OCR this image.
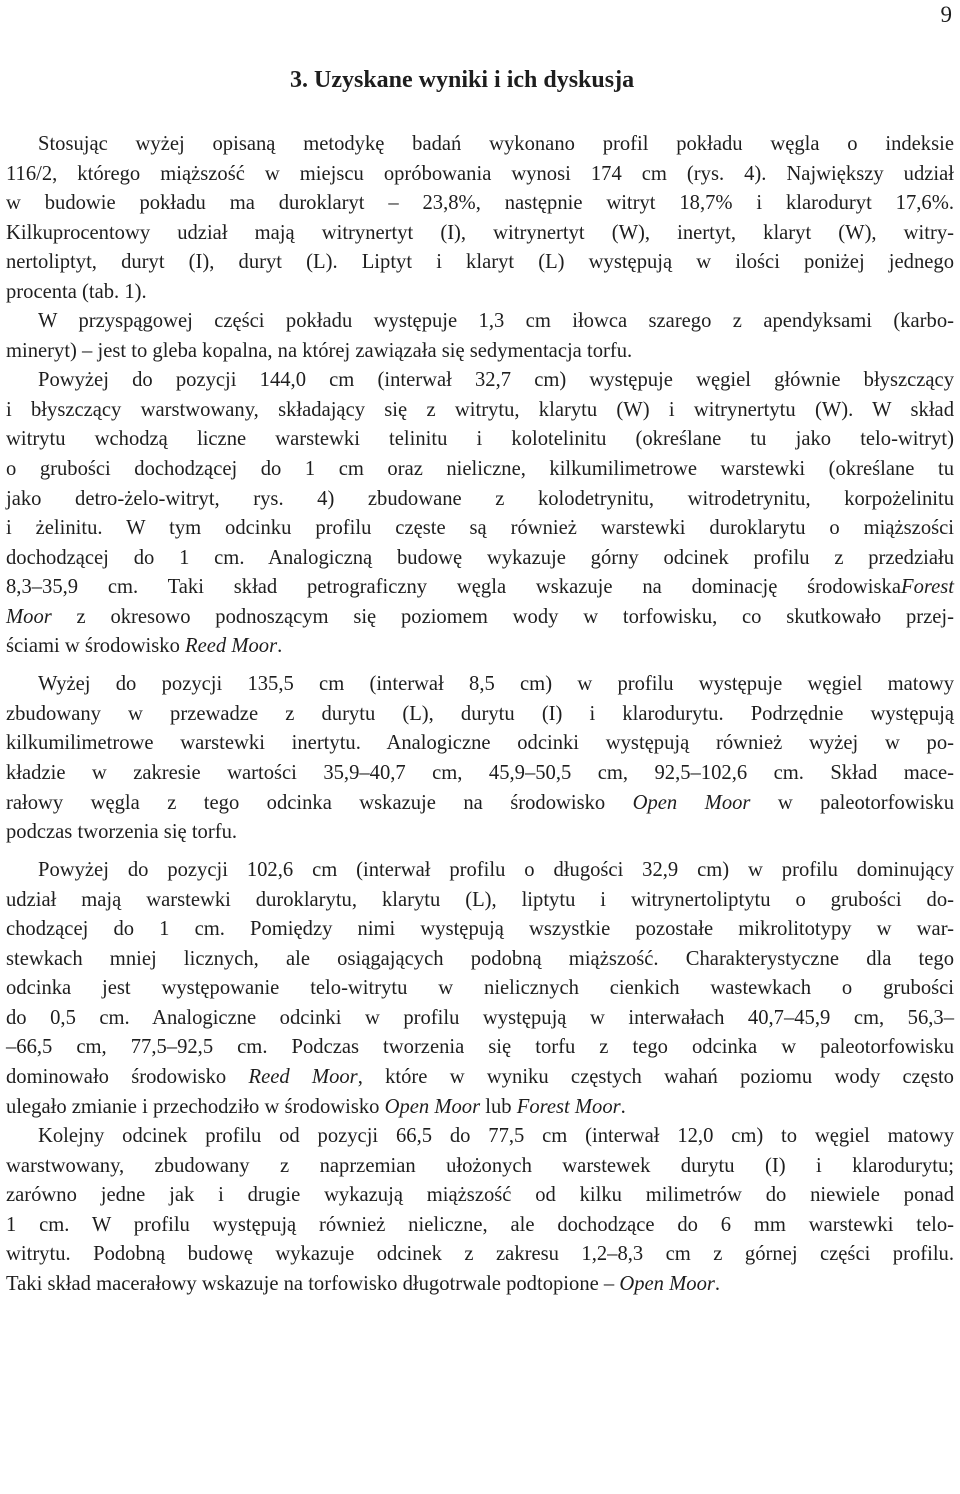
9
3. Uzyskane wyniki i ich dyskusja
Stosując wyżej opisaną metodykę badań wykonano profil pokładu węgla o indeksie
116/2, którego miąższość w miejscu opróbowania wynosi 174 cm (rys. 4). Największy udział
w budowie pokładu ma duroklaryt – 23,8%, następnie witryt 18,7% i klaroduryt 17,6%.
Kilkuprocentowy udział mają witrynertyt (I), witrynertyt (W), inertyt, klaryt (W), witry-
nertoliptyt, duryt (I), duryt (L). Liptyt i klaryt (L) występują w ilości poniżej jednego
procenta (tab. 1).
W przyspągowej części pokładu występuje 1,3 cm iłowca szarego z apendyksami (karbo-
mineryt) – jest to gleba kopalna, na której zawiązała się sedymentacja torfu.
Powyżej do pozycji 144,0 cm (interwał 32,7 cm) występuje węgiel głównie błyszczący
i błyszczący warstwowany, składający się z witrytu, klarytu (W) i witrynertytu (W). W skład
witrytu wchodzą liczne warstewki telinitu i kolotelinitu (określane tu jako telo-witryt)
o grubości dochodzącej do 1 cm oraz nieliczne, kilkumilimetrowe warstewki (określane tu
jako detro-żelo-witryt, rys. 4) zbudowane z kolodetrynitu, witrodetrynitu, korpożelinitu
i żelinitu. W tym odcinku profilu częste są również warstewki duroklarytu o miąższości
dochodzącej do 1 cm. Analogiczną budowę wykazuje górny odcinek profilu z przedziału
8,3–35,9 cm. Taki skład petrograficzny węgla wskazuje na dominację środowiskaForest
Moor z okresowo podnoszącym się poziomem wody w torfowisku, co skutkowało przej-
ściami w środowisko Reed Moor.
Wyżej do pozycji 135,5 cm (interwał 8,5 cm) w profilu występuje węgiel matowy
zbudowany w przewadze z durytu (L), durytu (I) i klarodurytu. Podrzędnie występują
kilkumilimetrowe warstewki inertytu. Analogiczne odcinki występują również wyżej w po-
kładzie w zakresie wartości 35,9–40,7 cm, 45,9–50,5 cm, 92,5–102,6 cm. Skład mace-
rałowy węgla z tego odcinka wskazuje na środowisko Open Moor w paleotorfowisku
podczas tworzenia się torfu.
Powyżej do pozycji 102,6 cm (interwał profilu o długości 32,9 cm) w profilu dominujący
udział mają warstewki duroklarytu, klarytu (L), liptytu i witrynertoliptytu o grubości do-
chodzącej do 1 cm. Pomiędzy nimi występują wszystkie pozostałe mikrolitotypy w war-
stewkach mniej licznych, ale osiągających podobną miąższość. Charakterystyczne dla tego
odcinka jest występowanie telo-witrytu w nielicznych cienkich wastewkach o grubości
do 0,5 cm. Analogiczne odcinki w profilu występują w interwałach 40,7–45,9 cm, 56,3–
–66,5 cm, 77,5–92,5 cm. Podczas tworzenia się torfu z tego odcinka w paleotorfowisku
dominowało środowisko Reed Moor, które w wyniku częstych wahań poziomu wody często
ulegało zmianie i przechodziło w środowisko Open Moor lub Forest Moor.
Kolejny odcinek profilu od pozycji 66,5 do 77,5 cm (interwał 12,0 cm) to węgiel matowy
warstwowany, zbudowany z naprzemian ułożonych warstewek durytu (I) i klarodurytu;
zarówno jedne jak i drugie wykazują miąższość od kilku milimetrów do niewiele ponad
1 cm. W profilu występują również nieliczne, ale dochodzące do 6 mm warstewki telo-
witrytu. Podobną budowę wykazuje odcinek z zakresu 1,2–8,3 cm z górnej części profilu.
Taki skład macerałowy wskazuje na torfowisko długotrwale podtopione – Open Moor.
